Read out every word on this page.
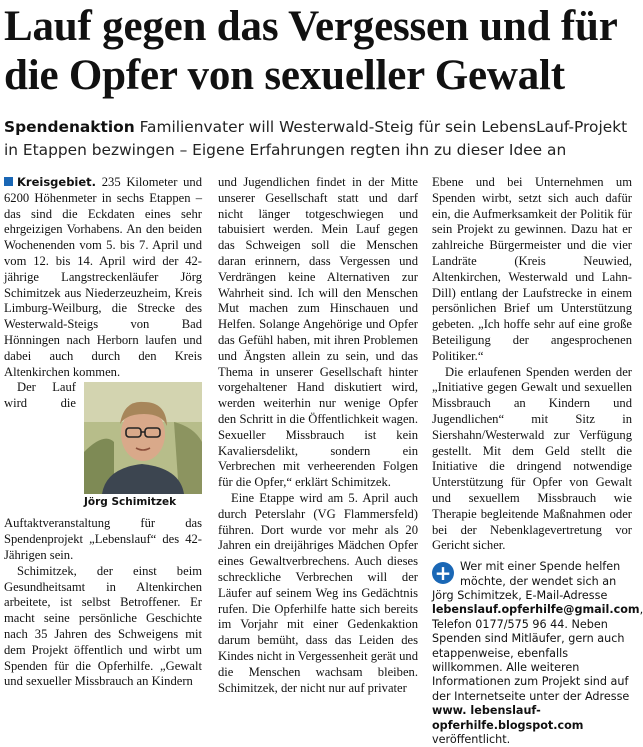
Lauf gegen das Vergessen und für
die Opfer von sexueller Gewalt
Spendenaktion Familienvater will Westerwald-Steig für sein LebensLauf-Projekt in Etappen bezwingen – Eigene Erfahrungen regten ihn zu dieser Idee an

Kreisgebiet. 235 Kilometer und 6200 Höhenmeter in sechs Etappen – das sind die Eckdaten eines sehr ehrgeizigen Vorhabens. An den beiden Wochenenden vom 5. bis 7. April und vom 12. bis 14. April wird der 42-jährige Langstreckenläufer Jörg Schimitzek aus Niederzeuzheim, Kreis Limburg-Weilburg, die Strecke des Westerwald-Steigs von Bad Hönningen nach Herborn laufen und dabei auch durch den Kreis Altenkirchen kommen.

Jörg Schimitzek
Der Lauf wird die Auftaktveranstaltung für das Spendenprojekt „Lebenslauf“ des 42-Jährigen sein.

Schimitzek, der einst beim Gesundheitsamt in Altenkirchen arbeitete, ist selbst Betroffener. Er macht seine persönliche Geschichte nach 35 Jahren des Schweigens mit dem Projekt öffentlich und wirbt um Spenden für die Opferhilfe. „Gewalt und sexueller Missbrauch an Kindern

und Jugendlichen findet in der Mitte unserer Gesellschaft statt und darf nicht länger totgeschwiegen und tabuisiert werden. Mein Lauf gegen das Schweigen soll die Menschen daran erinnern, dass Vergessen und Verdrängen keine Alternativen zur Wahrheit sind. Ich will den Menschen Mut machen zum Hinschauen und Helfen. Solange Angehörige und Opfer das Gefühl haben, mit ihren Problemen und Ängsten allein zu sein, und das Thema in unserer Gesellschaft hinter vorgehaltener Hand diskutiert wird, werden weiterhin nur wenige Opfer den Schritt in die Öffentlichkeit wagen. Sexueller Missbrauch ist kein Kavaliersdelikt, sondern ein Verbrechen mit verheerenden Folgen für die Opfer,“ erklärt Schimitzek.

Eine Etappe wird am 5. April auch durch Peterslahr (VG Flammersfeld) führen. Dort wurde vor mehr als 20 Jahren ein dreijähriges Mädchen Opfer eines Gewaltverbrechens. Auch dieses schreckliche Verbrechen will der Läufer auf seinem Weg ins Gedächtnis rufen. Die Opferhilfe hatte sich bereits im Vorjahr mit einer Gedenkaktion darum bemüht, dass das Leiden des Kindes nicht in Vergessenheit gerät und die Menschen wachsam bleiben. Schimitzek, der nicht nur auf privater

Ebene und bei Unternehmen um Spenden wirbt, setzt sich auch dafür ein, die Aufmerksamkeit der Politik für sein Projekt zu gewinnen. Dazu hat er zahlreiche Bürgermeister und die vier Landräte (Kreis Neuwied, Altenkirchen, Westerwald und Lahn-Dill) entlang der Laufstrecke in einem persönlichen Brief um Unterstützung gebeten. „Ich hoffe sehr auf eine große Beteiligung der angesprochenen Politiker.“

Die erlaufenen Spenden werden der „Initiative gegen Gewalt und sexuellen Missbrauch an Kindern und Jugendlichen“ mit Sitz in Siershahn/Westerwald zur Verfügung gestellt. Mit dem Geld stellt die Initiative die dringend notwendige Unterstützung für Opfer von Gewalt und sexuellem Missbrauch wie Therapie begleitende Maßnahmen oder bei der Nebenklagevertretung vor Gericht sicher.

+ Wer mit einer Spende helfen möchte, der wendet sich an Jörg Schimitzek, E-Mail-Adresse lebenslauf.opferhilfe@gmail.com, Telefon 0177/575 96 44. Neben Spenden sind Mitläufer, gern auch etappenweise, ebenfalls willkommen. Alle weiteren Informationen zum Projekt sind auf der Internetseite unter der Adresse www. lebenslauf-opferhilfe.blogspot.com veröffentlicht.
